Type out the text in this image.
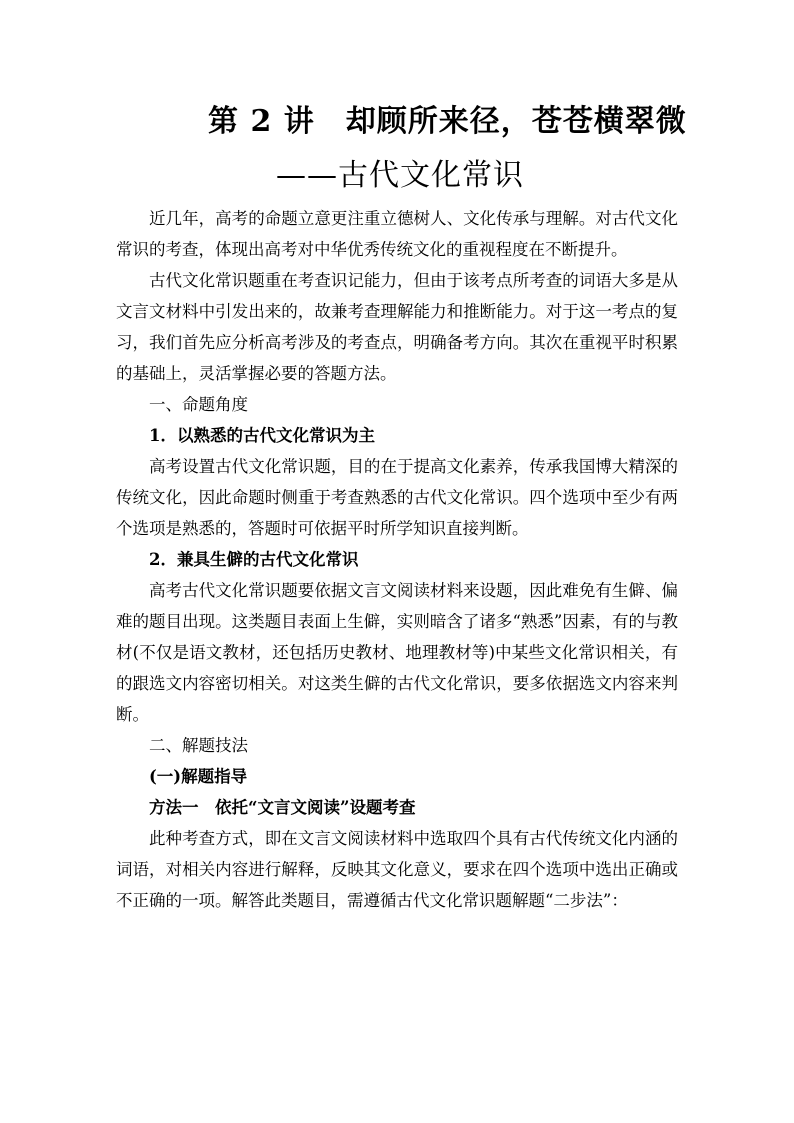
第 2 讲　却顾所来径，苍苍横翠微
——古代文化常识

近几年，高考的命题立意更注重立德树人、文化传承与理解。对古代文化常识的考查，体现出高考对中华优秀传统文化的重视程度在不断提升。

古代文化常识题重在考查识记能力，但由于该考点所考查的词语大多是从文言文材料中引发出来的，故兼考查理解能力和推断能力。对于这一考点的复习，我们首先应分析高考涉及的考查点，明确备考方向。其次在重视平时积累的基础上，灵活掌握必要的答题方法。

一、命题角度

1．以熟悉的古代文化常识为主

高考设置古代文化常识题，目的在于提高文化素养，传承我国博大精深的传统文化，因此命题时侧重于考查熟悉的古代文化常识。四个选项中至少有两个选项是熟悉的，答题时可依据平时所学知识直接判断。

2．兼具生僻的古代文化常识

高考古代文化常识题要依据文言文阅读材料来设题，因此难免有生僻、偏难的题目出现。这类题目表面上生僻，实则暗含了诸多“熟悉”因素，有的与教材(不仅是语文教材，还包括历史教材、地理教材等)中某些文化常识相关，有的跟选文内容密切相关。对这类生僻的古代文化常识，要多依据选文内容来判断。

二、解题技法

(一)解题指导

方法一　依托“文言文阅读”设题考查

此种考查方式，即在文言文阅读材料中选取四个具有古代传统文化内涵的词语，对相关内容进行解释，反映其文化意义，要求在四个选项中选出正确或不正确的一项。解答此类题目，需遵循古代文化常识题解题“二步法”：
